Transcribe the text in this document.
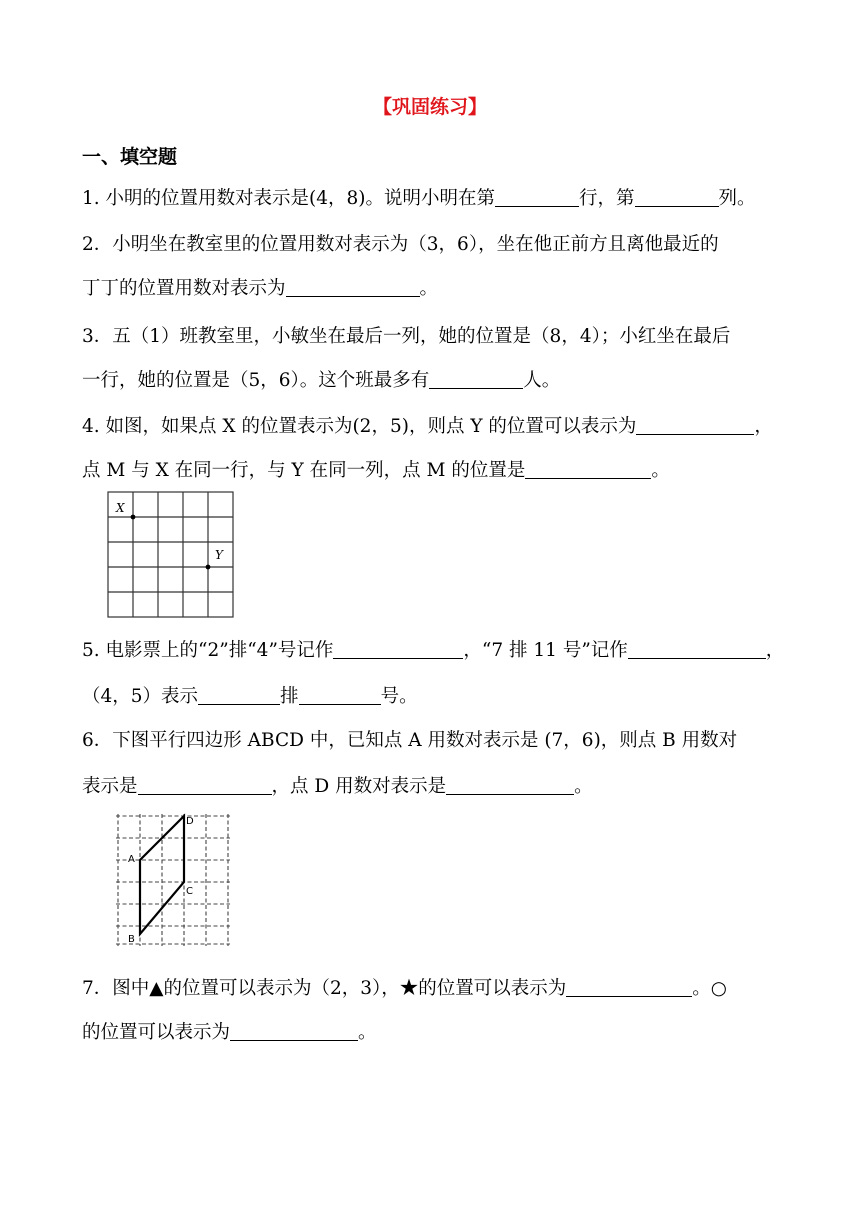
【巩固练习】
一、填空题
1. 小明的位置用数对表示是(4，8)。说明小明在第	行，第	列。
2．小明坐在教室里的位置用数对表示为（3，6），坐在他正前方且离他最近的
丁丁的位置用数对表示为	。
3．五（1）班教室里，小敏坐在最后一列，她的位置是（8，4）；小红坐在最后
一行，她的位置是（5，6）。这个班最多有	人。
4. 如图，如果点 X 的位置表示为(2，5)，则点 Y 的位置可以表示为	，
点 M 与 X 在同一行，与 Y 在同一列，点 M 的位置是	。
X
Y
5. 电影票上的“2”排“4”号记作	，“7 排 11 号”记作	，
（4，5）表示	排	号。
6．下图平行四边形 ABCD 中，已知点 A 用数对表示是 (7，6)，则点 B 用数对
表示是	，点 D 用数对表示是	。
A
B
C
D
7．图中▲的位置可以表示为（2，3），★的位置可以表示为	。○
的位置可以表示为	。
